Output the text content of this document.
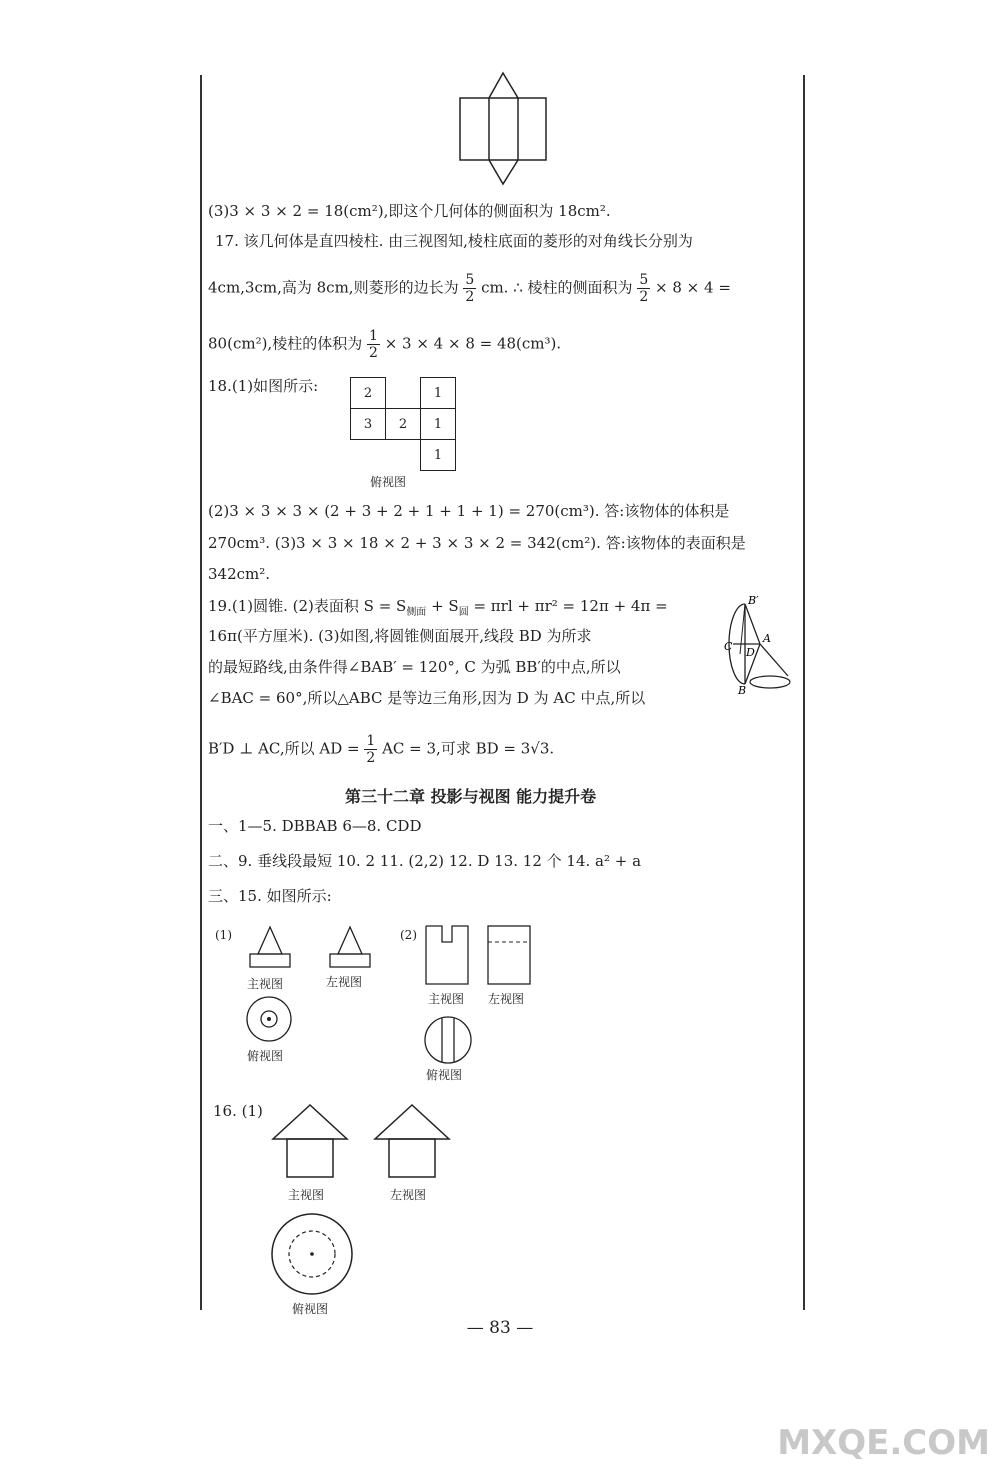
(3)3 × 3 × 2 = 18(cm²),即这个几何体的侧面积为 18cm².
17. 该几何体是直四棱柱. 由三视图知,棱柱底面的菱形的对角线长分别为
4cm,3cm,高为 8cm,则菱形的边长为 $\frac{5}{2}$ cm. ∴ 棱柱的侧面积为 $\frac{5}{2} \times 8 \times 4$ =
80(cm²),棱柱的体积为 $\frac{1}{2} \times 3 \times 4 \times 8 = 48(cm^3)$.
18.(1)如图所示:	2		1
3	2	1
		1
俯视图
(2)3 × 3 × 3 × (2 + 3 + 2 + 1 + 1 + 1) = 270(cm³). 答:该物体的体积是
270cm³. (3)3 × 3 × 18 × 2 + 3 × 3 × 2 = 342(cm²). 答:该物体的表面积是
342cm².
19.(1)圆锥. (2)表面积 $S = S_{侧面} + S_圆 = \pi rl + \pi r^2 = 12\pi + 4\pi$ =
16π(平方厘米). (3)如图,将圆锥侧面展开,线段 BD 为所求
的最短路线,由条件得∠BAB′ = 120°, C 为弧 BB′的中点,所以
∠BAC = 60°,所以△ABC 是等边三角形,因为 D 为 AC 中点,所以
B′D ⊥ AC,所以 AD = $\frac{1}{2}$ AC = 3,可求 BD = 3√3.
B′
C
A
D
B
第三十二章 投影与视图 能力提升卷
一、1—5. DBBAB 6—8. CDD
二、9. 垂线段最短 10. 2 11. (2,2) 12. D 13. 12 个 14. a² + a
三、15. 如图所示:
(1)
主视图	左视图
俯视图
(2)
主视图 左视图
俯视图
16. (1)
主视图	左视图
俯视图
— 83 —
MXQE.COM
